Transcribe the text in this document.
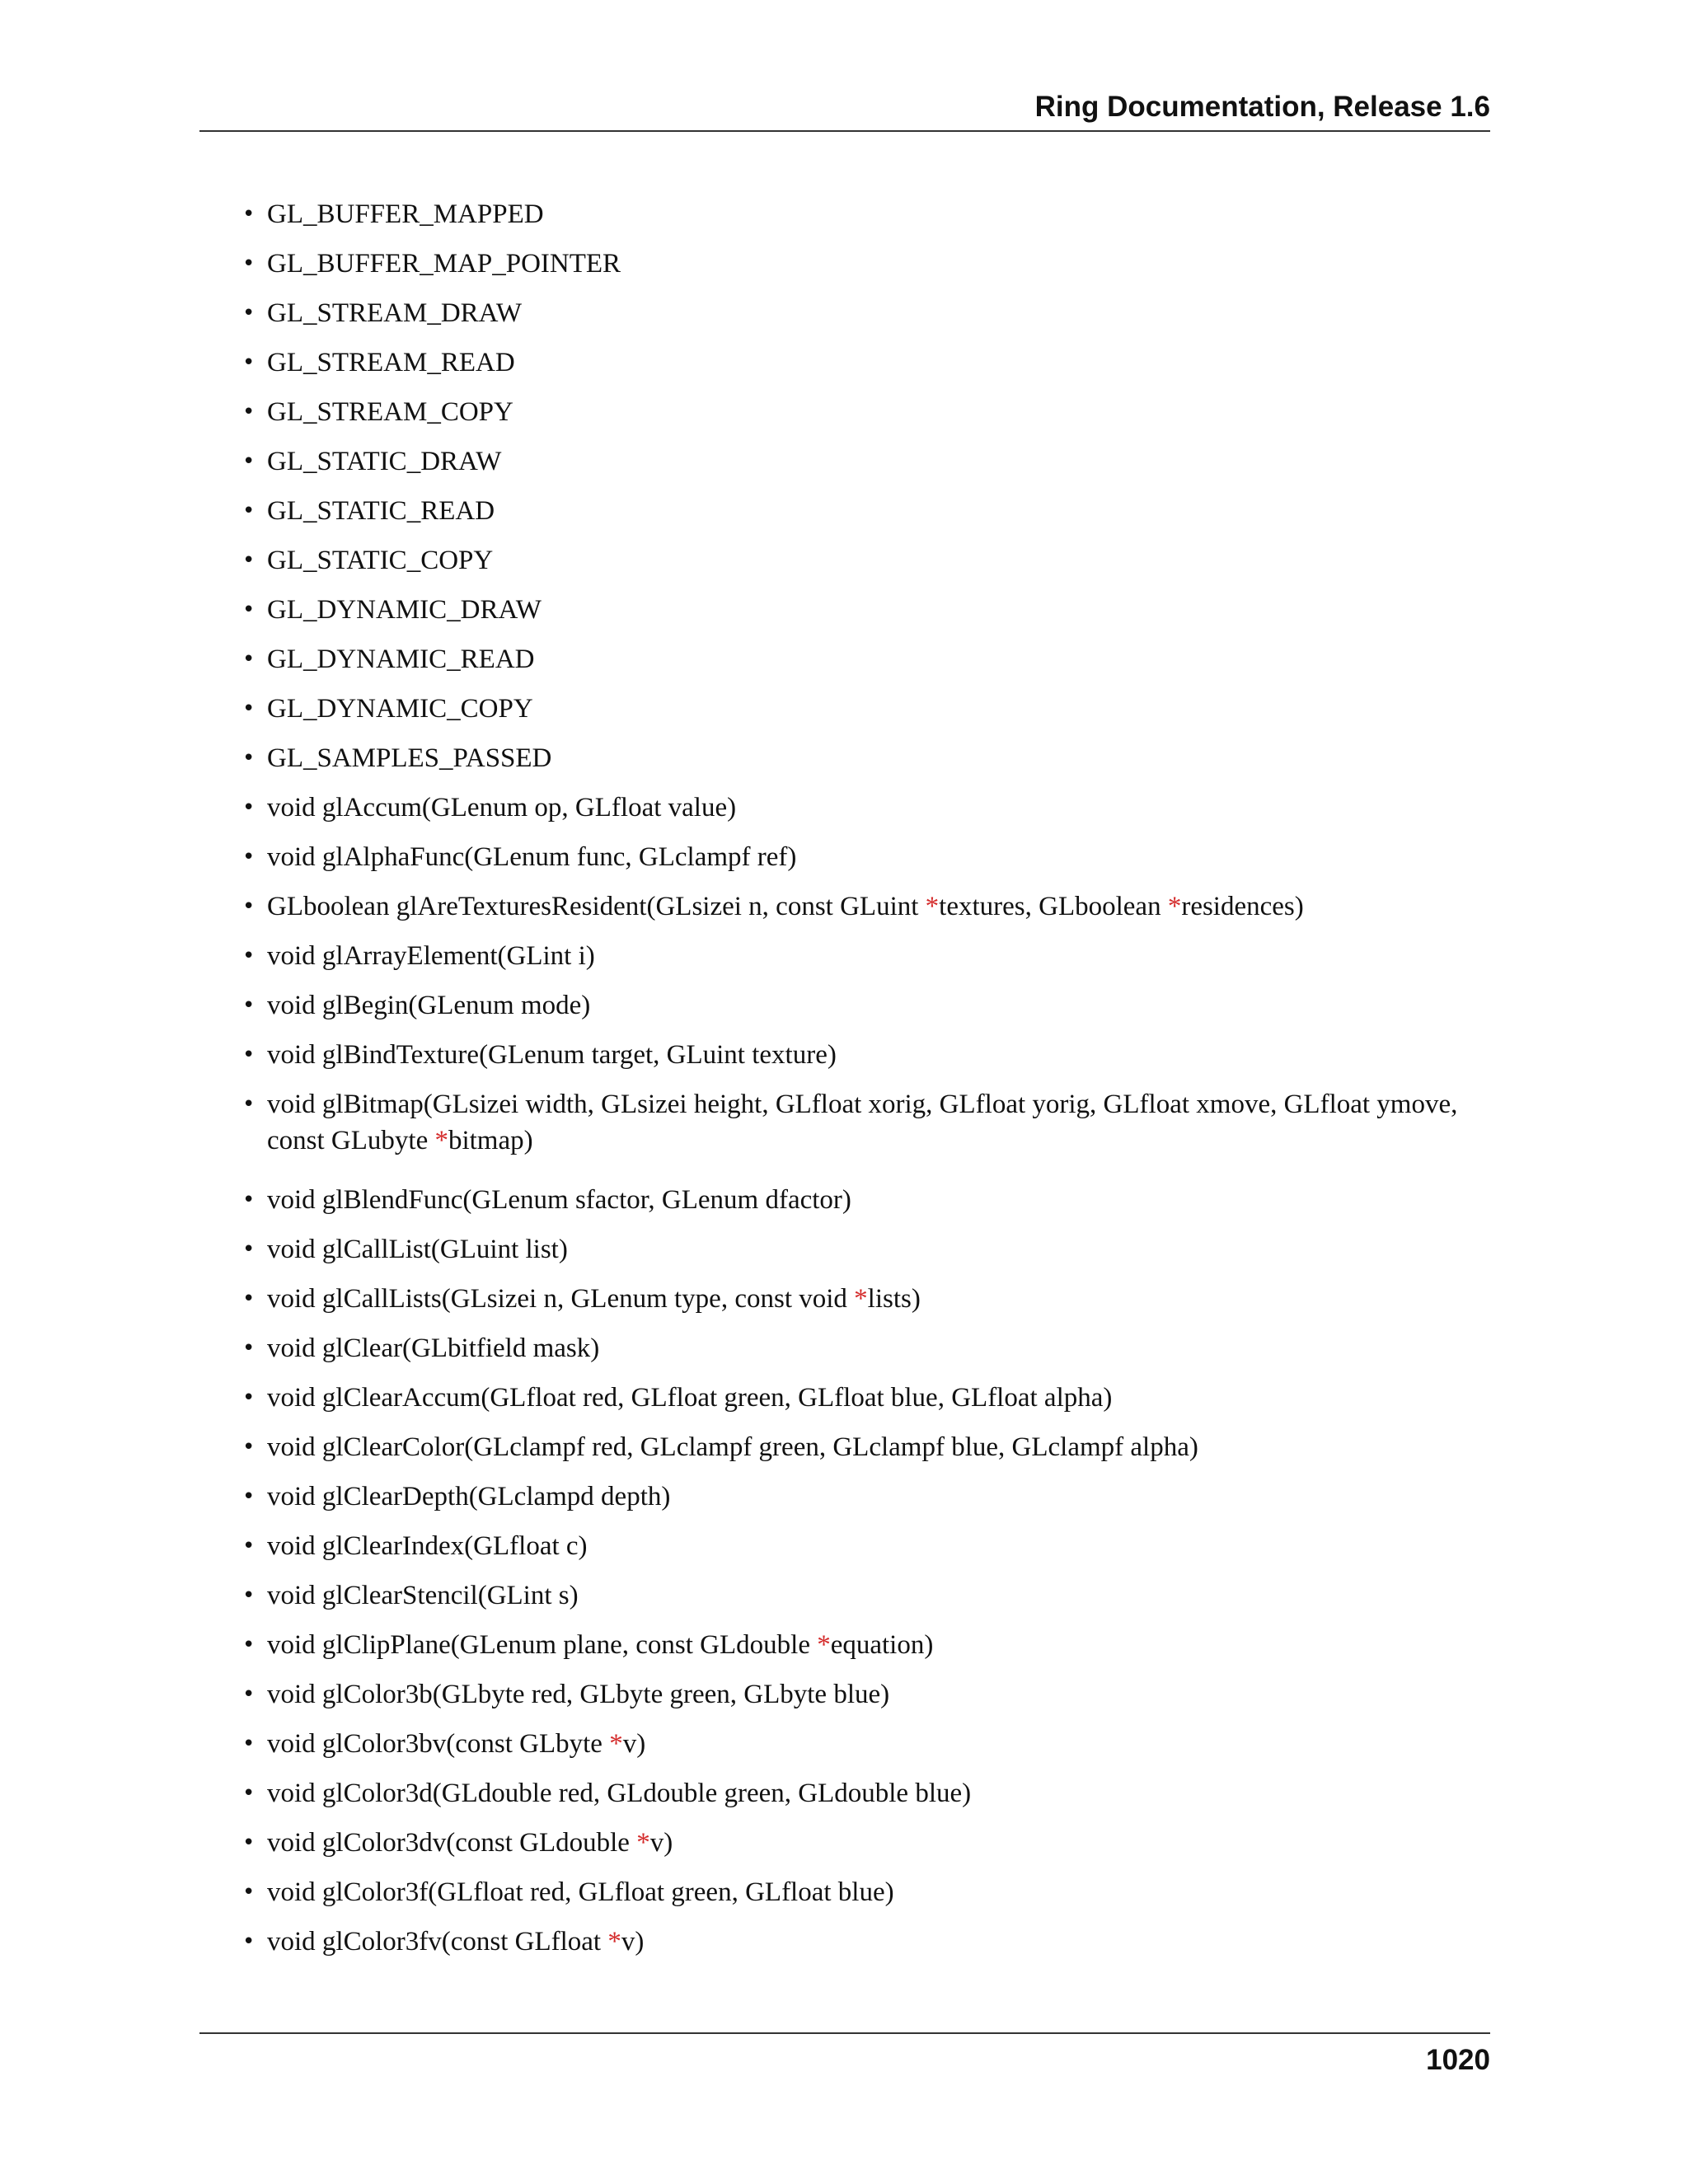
Ring Documentation, Release 1.6
• GL_BUFFER_MAPPED
• GL_BUFFER_MAP_POINTER
• GL_STREAM_DRAW
• GL_STREAM_READ
• GL_STREAM_COPY
• GL_STATIC_DRAW
• GL_STATIC_READ
• GL_STATIC_COPY
• GL_DYNAMIC_DRAW
• GL_DYNAMIC_READ
• GL_DYNAMIC_COPY
• GL_SAMPLES_PASSED
• void glAccum(GLenum op, GLfloat value)
• void glAlphaFunc(GLenum func, GLclampf ref)
• GLboolean glAreTexturesResident(GLsizei n, const GLuint *textures, GLboolean *residences)
• void glArrayElement(GLint i)
• void glBegin(GLenum mode)
• void glBindTexture(GLenum target, GLuint texture)
• void glBitmap(GLsizei width, GLsizei height, GLfloat xorig, GLfloat yorig, GLfloat xmove, GLfloat ymove, const GLubyte *bitmap)
• void glBlendFunc(GLenum sfactor, GLenum dfactor)
• void glCallList(GLuint list)
• void glCallLists(GLsizei n, GLenum type, const void *lists)
• void glClear(GLbitfield mask)
• void glClearAccum(GLfloat red, GLfloat green, GLfloat blue, GLfloat alpha)
• void glClearColor(GLclampf red, GLclampf green, GLclampf blue, GLclampf alpha)
• void glClearDepth(GLclampd depth)
• void glClearIndex(GLfloat c)
• void glClearStencil(GLint s)
• void glClipPlane(GLenum plane, const GLdouble *equation)
• void glColor3b(GLbyte red, GLbyte green, GLbyte blue)
• void glColor3bv(const GLbyte *v)
• void glColor3d(GLdouble red, GLdouble green, GLdouble blue)
• void glColor3dv(const GLdouble *v)
• void glColor3f(GLfloat red, GLfloat green, GLfloat blue)
• void glColor3fv(const GLfloat *v)
1020
